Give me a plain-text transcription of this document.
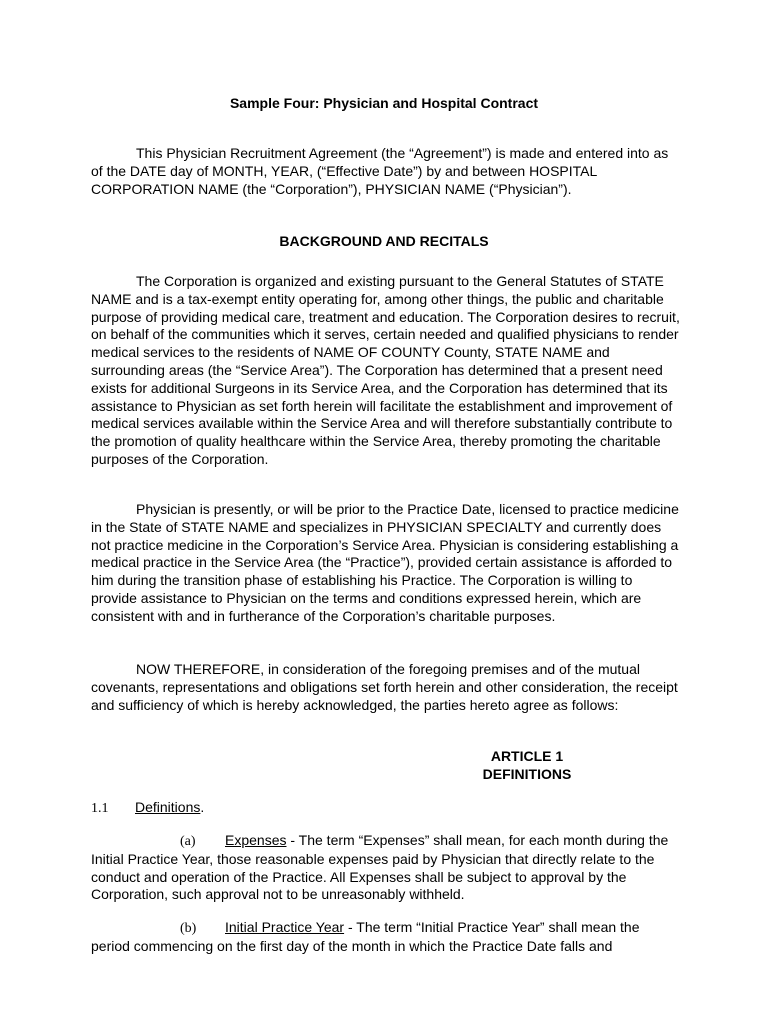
Sample Four: Physician and Hospital Contract

This Physician Recruitment Agreement (the “Agreement”) is made and entered into as of the DATE day of MONTH, YEAR, (“Effective Date”) by and between HOSPITAL CORPORATION NAME (the “Corporation”), PHYSICIAN NAME (“Physician”).

BACKGROUND AND RECITALS

The Corporation is organized and existing pursuant to the General Statutes of STATE NAME and is a tax-exempt entity operating for, among other things, the public and charitable purpose of providing medical care, treatment and education. The Corporation desires to recruit, on behalf of the communities which it serves, certain needed and qualified physicians to render medical services to the residents of NAME OF COUNTY County, STATE NAME and surrounding areas (the “Service Area”). The Corporation has determined that a present need exists for additional Surgeons in its Service Area, and the Corporation has determined that its assistance to Physician as set forth herein will facilitate the establishment and improvement of medical services available within the Service Area and will therefore substantially contribute to the promotion of quality healthcare within the Service Area, thereby promoting the charitable purposes of the Corporation.

Physician is presently, or will be prior to the Practice Date, licensed to practice medicine in the State of STATE NAME and specializes in PHYSICIAN SPECIALTY and currently does not practice medicine in the Corporation’s Service Area. Physician is considering establishing a medical practice in the Service Area (the “Practice”), provided certain assistance is afforded to him during the transition phase of establishing his Practice. The Corporation is willing to provide assistance to Physician on the terms and conditions expressed herein, which are consistent with and in furtherance of the Corporation’s charitable purposes.

NOW THEREFORE, in consideration of the foregoing premises and of the mutual covenants, representations and obligations set forth herein and other consideration, the receipt and sufficiency of which is hereby acknowledged, the parties hereto agree as follows:

ARTICLE 1
DEFINITIONS
1.1 Definitions.

(a) Expenses - The term “Expenses” shall mean, for each month during the Initial Practice Year, those reasonable expenses paid by Physician that directly relate to the conduct and operation of the Practice. All Expenses shall be subject to approval by the Corporation, such approval not to be unreasonably withheld.

(b) Initial Practice Year - The term “Initial Practice Year” shall mean the period commencing on the first day of the month in which the Practice Date falls and
